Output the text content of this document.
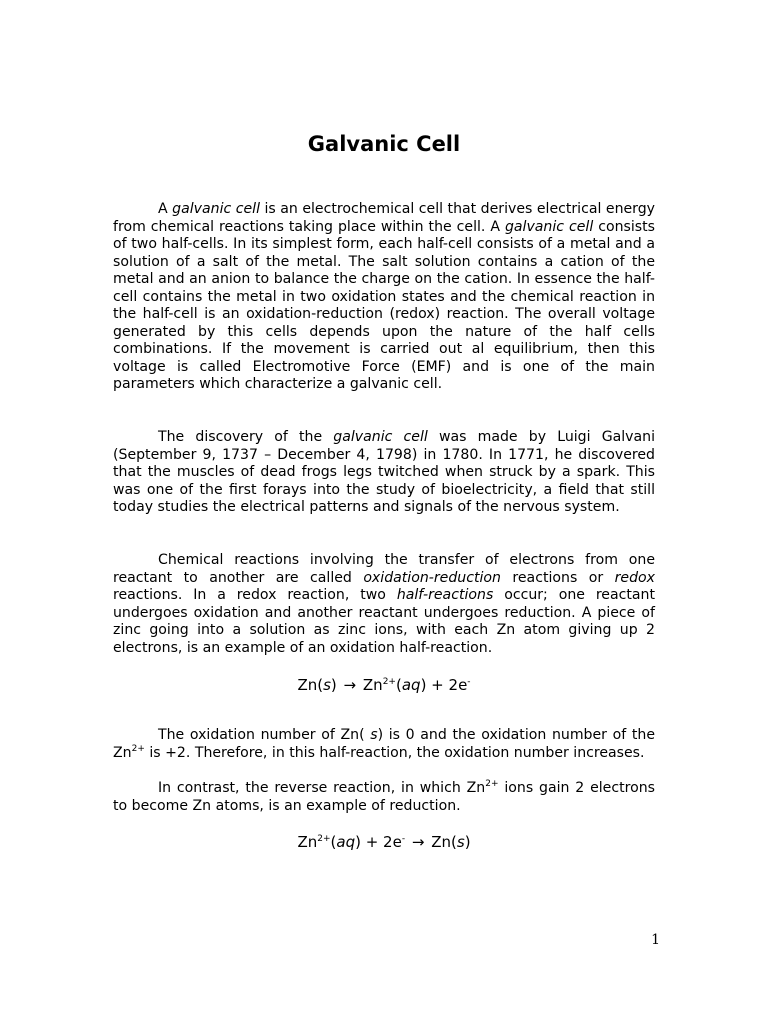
Galvanic Cell

A galvanic cell is an electrochemical cell that derives electrical energy from chemical reactions taking place within the cell. A galvanic cell consists of two half-cells. In its simplest form, each half-cell consists of a metal and a solution of a salt of the metal. The salt solution contains a cation of the metal and an anion to balance the charge on the cation. In essence the half-cell contains the metal in two oxidation states and the chemical reaction in the half-cell is an oxidation-reduction (redox) reaction. The overall voltage generated by this cells depends upon the nature of the half cells combinations. If the movement is carried out al equilibrium, then this voltage is called Electromotive Force (EMF) and is one of the main parameters which characterize a galvanic cell.

The discovery of the galvanic cell was made by Luigi Galvani (September 9, 1737 – December 4, 1798) in 1780. In 1771, he discovered that the muscles of dead frogs legs twitched when struck by a spark. This was one of the first forays into the study of bioelectricity, a field that still today studies the electrical patterns and signals of the nervous system.

Chemical reactions involving the transfer of electrons from one reactant to another are called oxidation-reduction reactions or redox reactions. In a redox reaction, two half-reactions occur; one reactant undergoes oxidation and another reactant undergoes reduction. A piece of zinc going into a solution as zinc ions, with each Zn atom giving up 2 electrons, is an example of an oxidation half-reaction.

$Zn(s) \to Zn^{2+}(aq) + 2e^-$

The oxidation number of Zn( s) is 0 and the oxidation number of the $Zn^{2+}$ is +2. Therefore, in this half-reaction, the oxidation number increases.

In contrast, the reverse reaction, in which $Zn^{2+}$ ions gain 2 electrons to become Zn atoms, is an example of reduction.

$Zn^{2+}(aq) + 2e^- \to Zn(s)$
1
